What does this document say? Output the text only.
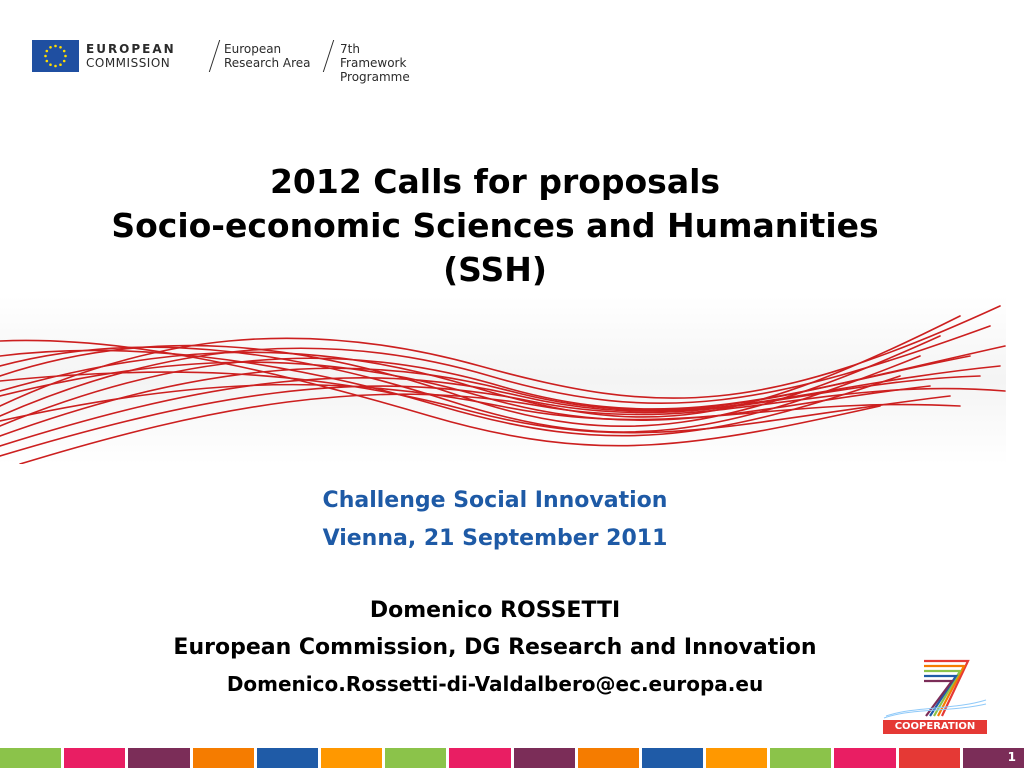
EUROPEAN
COMMISSION
European
Research Area
7th Framework
Programme
2012 Calls for proposals
Socio-economic Sciences and Humanities
(SSH)
Challenge Social Innovation
Vienna, 21 September 2011
Domenico ROSSETTI
European Commission, DG Research and Innovation
Domenico.Rossetti-di-Valdalbero@ec.europa.eu
COOPERATION
1
